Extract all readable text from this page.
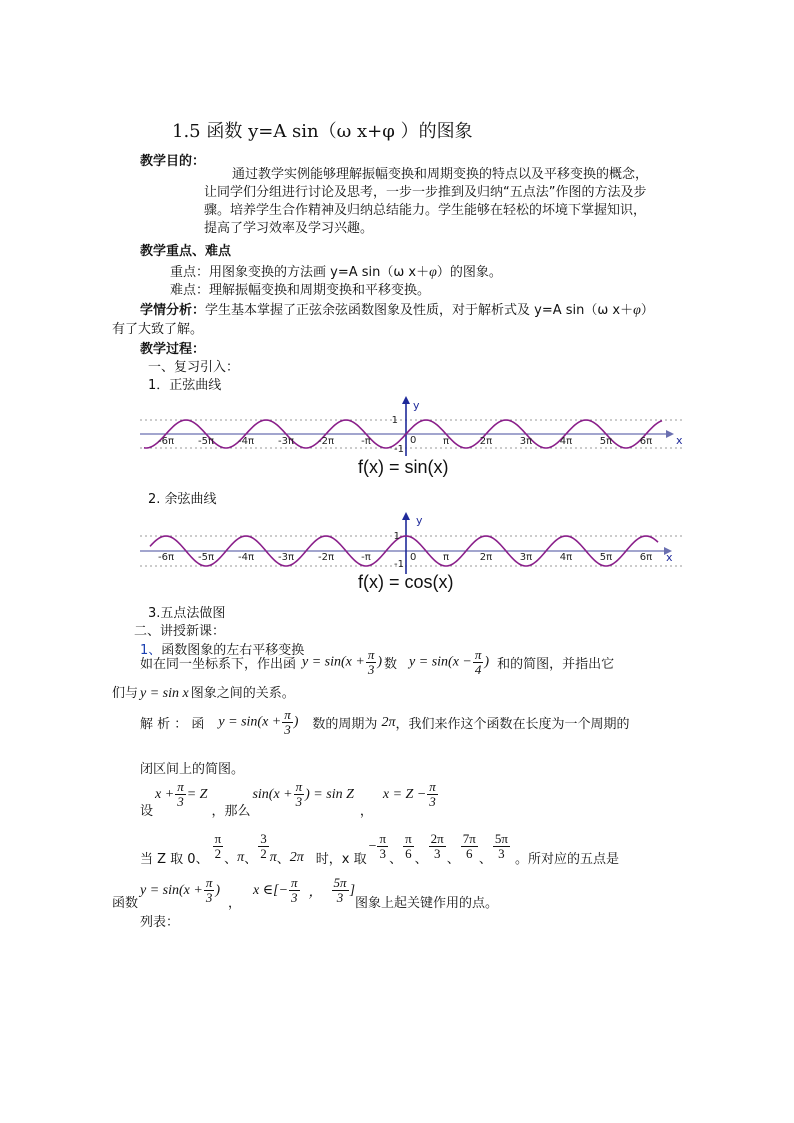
1.5 函数 y=A sin（ω x+φ ）的图象
教学目的：
通过教学实例能够理解振幅变换和周期变换的特点以及平移变换的概念，
让同学们分组进行讨论及思考，一步一步推到及归纳“五点法”作图的方法及步
骤。培养学生合作精神及归纳总结能力。学生能够在轻松的坏境下掌握知识，
提高了学习效率及学习兴趣。
教学重点、难点
重点：用图象变换的方法画 y=A sin（ω x＋φ）的图象。
难点：理解振幅变换和周期变换和平移变换。
学情分析：学生基本掌握了正弦余弦函数图象及性质，对于解析式及 y=A sin（ω x＋φ）
有了大致了解。
教学过程：
一、复习引入：
1．正弦曲线
-6π -5π -4π -3π -2π	-π	π	2π	3π	4π	5π	6π
y
x
1
-1
0
f(x) = sin(x)
2. 余弦曲线
-6π -5π -4π -3π -2π	-π	π	2π	3π	4π	5π	6π
y
x
1
-1
0
f(x) = cos(x)
3.五点法做图
二、讲授新课：
1、函数图象的左右平移变换
如在同一坐标系下，作出函 $y = \sin(x + \frac{\pi}{3}$ ) 数 $y = \sin(x - \frac{\pi}{4}$ ) 和的简图，并指出它
们与 y = sin x 图象之间的关系。
解 析 ： 函 $y = \sin(x + \frac{\pi}{3}$ ) 数的周期为 2π ，我们来作这个函数在长度为一个周期的
闭区间上的简图。
设
$x + \frac{\pi}{3} = Z$
，那么
$\sin(x + \frac{\pi}{3}$ ) = sin Z
，
$x = Z - \frac{\pi}{3}$
当 Z 取 0、 $\frac{\pi}{2}$ 、 π 、 $\frac{3}{2}$ π 、 2π 时，x 取
− $\frac{\pi}{3}$ 、 $\frac{\pi}{6}$ 、 $\frac{2\pi}{3}$ 、 $\frac{7\pi}{6}$ 、 $\frac{5\pi}{3}$ 。所对应的五点是
函数
$y = \sin(x + \frac{\pi}{3}$ )
，
x ∈[− $\frac{\pi}{3}$ ， $\frac{5\pi}{3}$ ]
图象上起关键作用的点。
列表：
